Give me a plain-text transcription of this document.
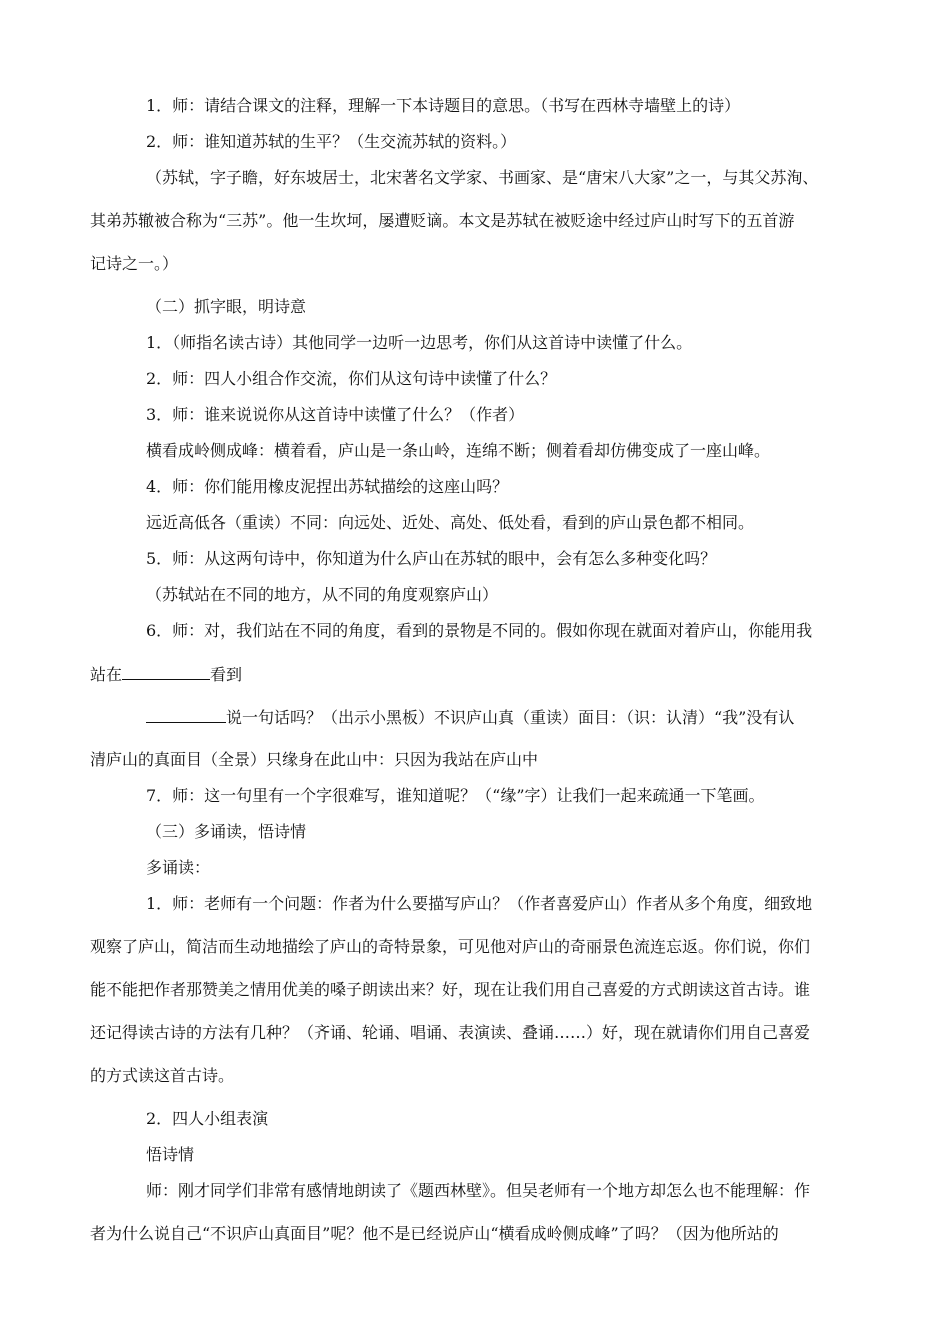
1．师：请结合课文的注释，理解一下本诗题目的意思。（书写在西林寺墙壁上的诗）

2．师：谁知道苏轼的生平？（生交流苏轼的资料。）

（苏轼，字子瞻，好东坡居士，北宋著名文学家、书画家、是“唐宋八大家”之一，与其父苏洵、

其弟苏辙被合称为“三苏”。他一生坎坷，屡遭贬谪。本文是苏轼在被贬途中经过庐山时写下的五首游

记诗之一。）

（二）抓字眼，明诗意

1．（师指名读古诗）其他同学一边听一边思考，你们从这首诗中读懂了什么。

2．师：四人小组合作交流，你们从这句诗中读懂了什么？

3．师：谁来说说你从这首诗中读懂了什么？（作者）

横看成岭侧成峰：横着看，庐山是一条山岭，连绵不断；侧着看却仿佛变成了一座山峰。

4．师：你们能用橡皮泥捏出苏轼描绘的这座山吗？

远近高低各（重读）不同：向远处、近处、高处、低处看，看到的庐山景色都不相同。

5．师：从这两句诗中，你知道为什么庐山在苏轼的眼中，会有怎么多种变化吗？

（苏轼站在不同的地方，从不同的角度观察庐山）

6．师：对，我们站在不同的角度，看到的景物是不同的。假如你现在就面对着庐山，你能用我

站在	看到

说一句话吗？（出示小黑板）不识庐山真（重读）面目：（识：认清）“我”没有认

清庐山的真面目（全景）只缘身在此山中：只因为我站在庐山中

7．师：这一句里有一个字很难写，谁知道呢？（“缘”字）让我们一起来疏通一下笔画。

（三）多诵读，悟诗情

多诵读：

1．师：老师有一个问题：作者为什么要描写庐山？（作者喜爱庐山）作者从多个角度，细致地

观察了庐山，简洁而生动地描绘了庐山的奇特景象，可见他对庐山的奇丽景色流连忘返。你们说，你们

能不能把作者那赞美之情用优美的嗓子朗读出来？好，现在让我们用自己喜爱的方式朗读这首古诗。谁

还记得读古诗的方法有几种？（齐诵、轮诵、唱诵、表演读、叠诵……）好，现在就请你们用自己喜爱

的方式读这首古诗。

2．四人小组表演

悟诗情

师：刚才同学们非常有感情地朗读了《题西林壁》。但吴老师有一个地方却怎么也不能理解：作

者为什么说自己“不识庐山真面目”呢？他不是已经说庐山“横看成岭侧成峰”了吗？（因为他所站的
